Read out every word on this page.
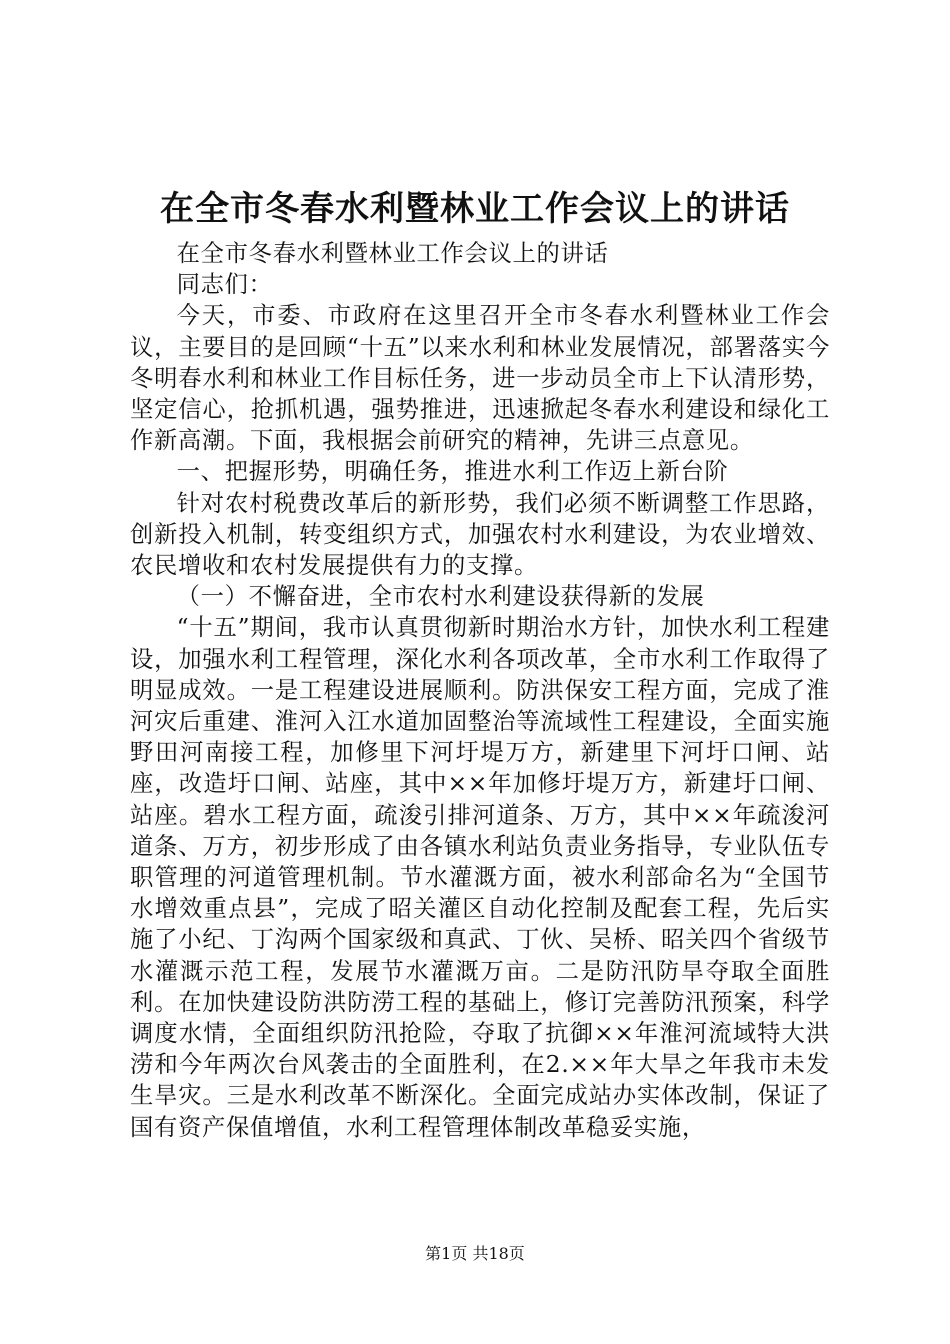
在全市冬春水利暨林业工作会议上的讲话

在全市冬春水利暨林业工作会议上的讲话

同志们：

今天，市委、市政府在这里召开全市冬春水利暨林业工作会议，主要目的是回顾“十五”以来水利和林业发展情况，部署落实今冬明春水利和林业工作目标任务，进一步动员全市上下认清形势，坚定信心，抢抓机遇，强势推进，迅速掀起冬春水利建设和绿化工作新高潮。下面，我根据会前研究的精神，先讲三点意见。

一、把握形势，明确任务，推进水利工作迈上新台阶

针对农村税费改革后的新形势，我们必须不断调整工作思路，创新投入机制，转变组织方式，加强农村水利建设，为农业增效、农民增收和农村发展提供有力的支撑。

（一）不懈奋进，全市农村水利建设获得新的发展

“十五”期间，我市认真贯彻新时期治水方针，加快水利工程建设，加强水利工程管理，深化水利各项改革，全市水利工作取得了明显成效。一是工程建设进展顺利。防洪保安工程方面，完成了淮河灾后重建、淮河入江水道加固整治等流域性工程建设，全面实施野田河南接工程，加修里下河圩堤万方，新建里下河圩口闸、站座，改造圩口闸、站座，其中××年加修圩堤万方，新建圩口闸、站座。碧水工程方面，疏浚引排河道条、万方，其中××年疏浚河道条、万方，初步形成了由各镇水利站负责业务指导，专业队伍专职管理的河道管理机制。节水灌溉方面，被水利部命名为“全国节水增效重点县”，完成了昭关灌区自动化控制及配套工程，先后实施了小纪、丁沟两个国家级和真武、丁伙、吴桥、昭关四个省级节水灌溉示范工程，发展节水灌溉万亩。二是防汛防旱夺取全面胜利。在加快建设防洪防涝工程的基础上，修订完善防汛预案，科学调度水情，全面组织防汛抢险，夺取了抗御××年淮河流域特大洪涝和今年两次台风袭击的全面胜利，在2.××年大旱之年我市未发生旱灾。三是水利改革不断深化。全面完成站办实体改制，保证了国有资产保值增值，水利工程管理体制改革稳妥实施，

第1页 共18页
